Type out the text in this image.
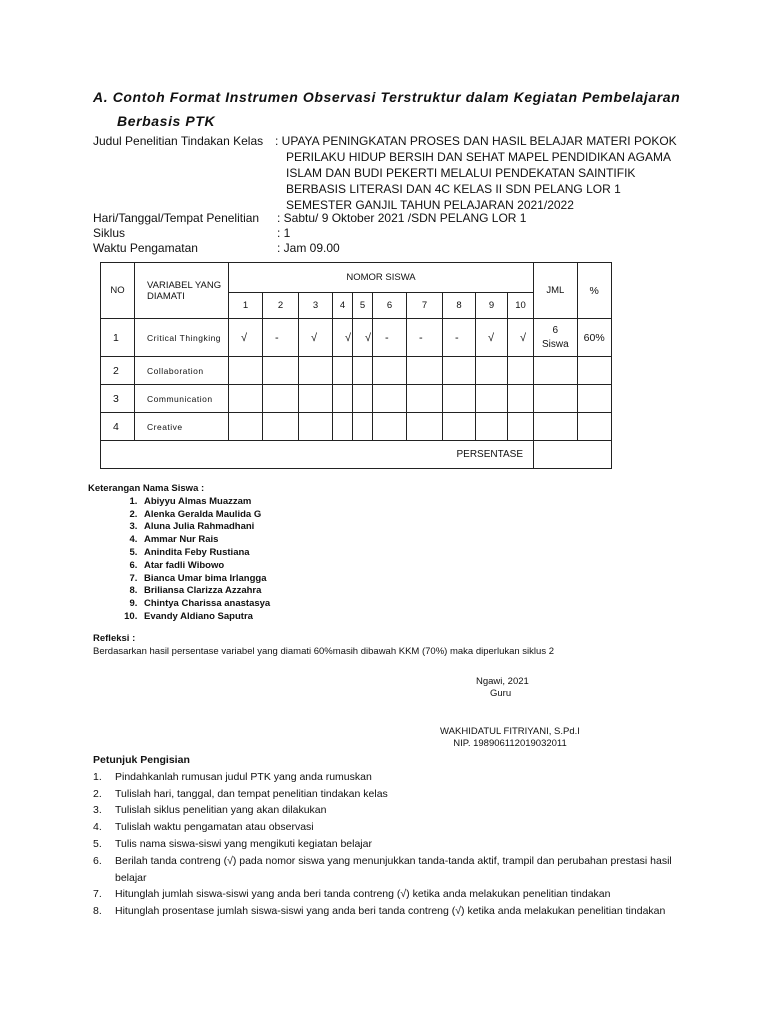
A. Contoh Format Instrumen Observasi Terstruktur dalam Kegiatan Pembelajaran
Berbasis PTK
Judul Penelitian Tindakan Kelas : UPAYA PENINGKATAN PROSES DAN HASIL BELAJAR MATERI POKOK
PERILAKU HIDUP BERSIH DAN SEHAT MAPEL PENDIDIKAN AGAMA
ISLAM DAN BUDI PEKERTI MELALUI PENDEKATAN SAINTIFIK
BERBASIS LITERASI DAN 4C KELAS II SDN PELANG LOR 1
SEMESTER GANJIL TAHUN PELAJARAN 2021/2022
Hari/Tanggal/Tempat Penelitian : Sabtu/ 9 Oktober 2021 /SDN PELANG LOR 1
Siklus	: 1
Waktu Pengamatan	: Jam 09.00
NO	VARIABEL YANG DIAMATI	NOMOR SISWA										JML	%
		1	2	3	4	5	6	7	8	9	10		
1	Critical Thingking	√	-	√	√	√	-	-	-	√	√	6 Siswa	60%
2	Collaboration												
3	Communication												
4	Creative												
PERSENTASE													
Keterangan Nama Siswa :
1. Abiyyu Almas Muazzam
2. Alenka Geralda Maulida G
3. Aluna Julia Rahmadhani
4. Ammar Nur Rais
5. Anindita Feby Rustiana
6. Atar fadli Wibowo
7. Bianca Umar bima Irlangga
8. Briliansa Clarizza Azzahra
9. Chintya Charissa anastasya
10. Evandy Aldiano Saputra
Refleksi :
Berdasarkan hasil persentase variabel yang diamati 60%masih dibawah KKM (70%) maka diperlukan siklus 2
Ngawi, 2021
Guru
WAKHIDATUL FITRIYANI, S.Pd.I
NIP. 198906112019032011
Petunjuk Pengisian
1. Pindahkanlah rumusan judul PTK yang anda rumuskan
2. Tulislah hari, tanggal, dan tempat penelitian tindakan kelas
3. Tulislah siklus penelitian yang akan dilakukan
4. Tulislah waktu pengamatan atau observasi
5. Tulis nama siswa-siswi yang mengikuti kegiatan belajar
6. Berilah tanda contreng (√) pada nomor siswa yang menunjukkan tanda-tanda aktif, trampil dan perubahan prestasi hasil belajar
7. Hitunglah jumlah siswa-siswi yang anda beri tanda contreng (√) ketika anda melakukan penelitian tindakan
8. Hitunglah prosentase jumlah siswa-siswi yang anda beri tanda contreng (√) ketika anda melakukan penelitian tindakan
